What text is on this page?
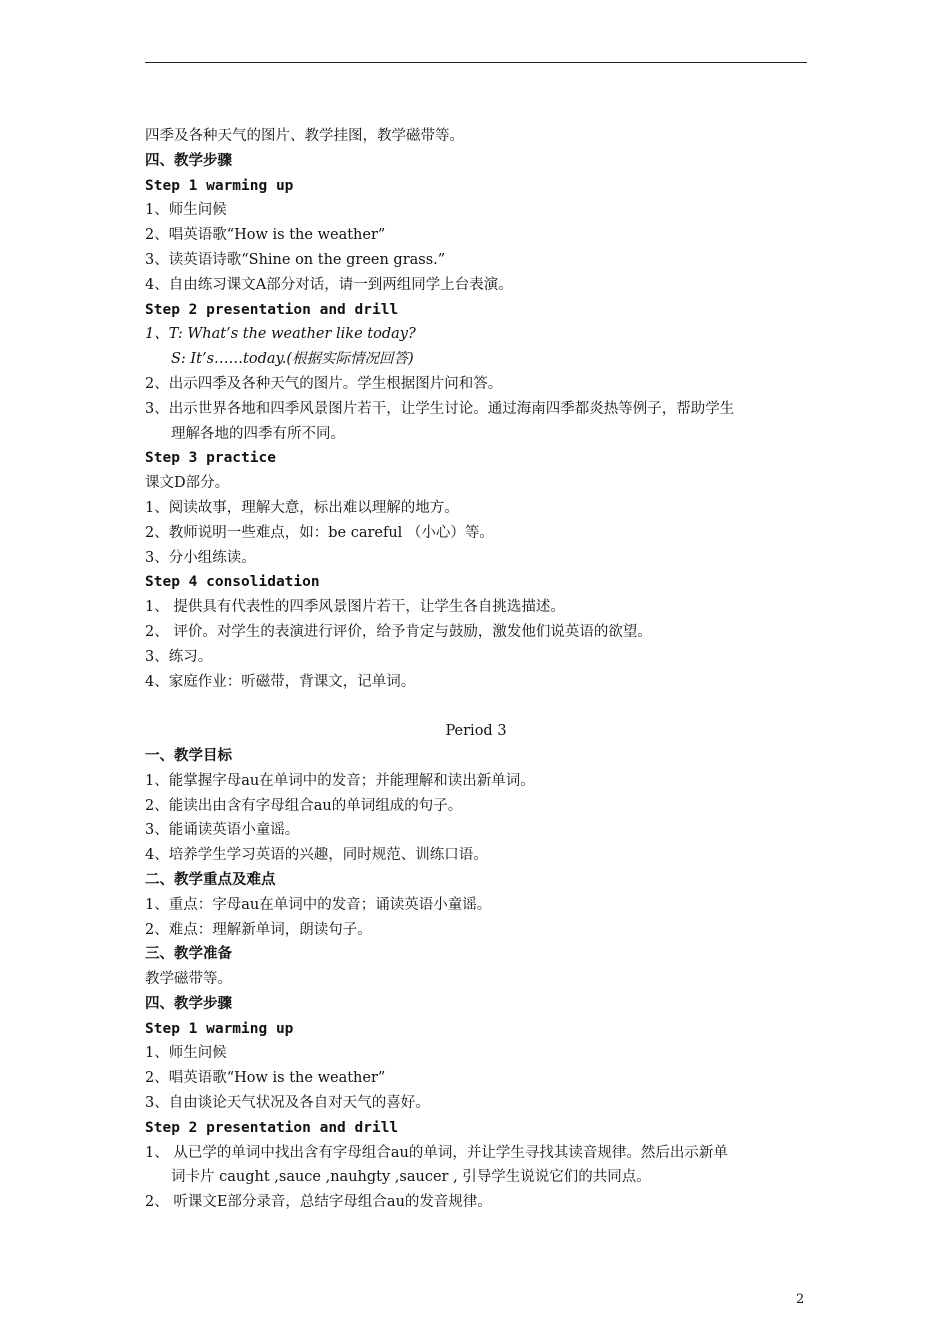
四季及各种天气的图片、教学挂图，教学磁带等。
四、教学步骤
Step 1 warming up
1、师生问候
2、唱英语歌“How is the weather”
3、读英语诗歌“Shine on the green grass.”
4、自由练习课文A部分对话，请一到两组同学上台表演。
Step 2 presentation and drill
1、T: What’s the weather like today?
S: It’s……today.(根据实际情况回答)
2、出示四季及各种天气的图片。学生根据图片问和答。
3、出示世界各地和四季风景图片若干，让学生讨论。通过海南四季都炎热等例子，帮助学生
理解各地的四季有所不同。
Step 3 practice
课文D部分。
1、阅读故事，理解大意，标出难以理解的地方。
2、教师说明一些难点，如：be careful （小心）等。
3、分小组练读。
Step 4 consolidation
1、 提供具有代表性的四季风景图片若干，让学生各自挑选描述。
2、 评价。对学生的表演进行评价，给予肯定与鼓励，激发他们说英语的欲望。
3、练习。
4、家庭作业：听磁带，背课文，记单词。
Period 3
一、教学目标
1、能掌握字母au在单词中的发音；并能理解和读出新单词。
2、能读出由含有字母组合au的单词组成的句子。
3、能诵读英语小童谣。
4、培养学生学习英语的兴趣，同时规范、训练口语。
二、教学重点及难点
1、重点：字母au在单词中的发音；诵读英语小童谣。
2、难点：理解新单词，朗读句子。
三、教学准备
教学磁带等。
四、教学步骤
Step 1 warming up
1、师生问候
2、唱英语歌“How is the weather”
3、自由谈论天气状况及各自对天气的喜好。
Step 2 presentation and drill
1、 从已学的单词中找出含有字母组合au的单词，并让学生寻找其读音规律。然后出示新单
词卡片 caught ,sauce ,nauhgty ,saucer , 引导学生说说它们的共同点。
2、 听课文E部分录音，总结字母组合au的发音规律。
2
